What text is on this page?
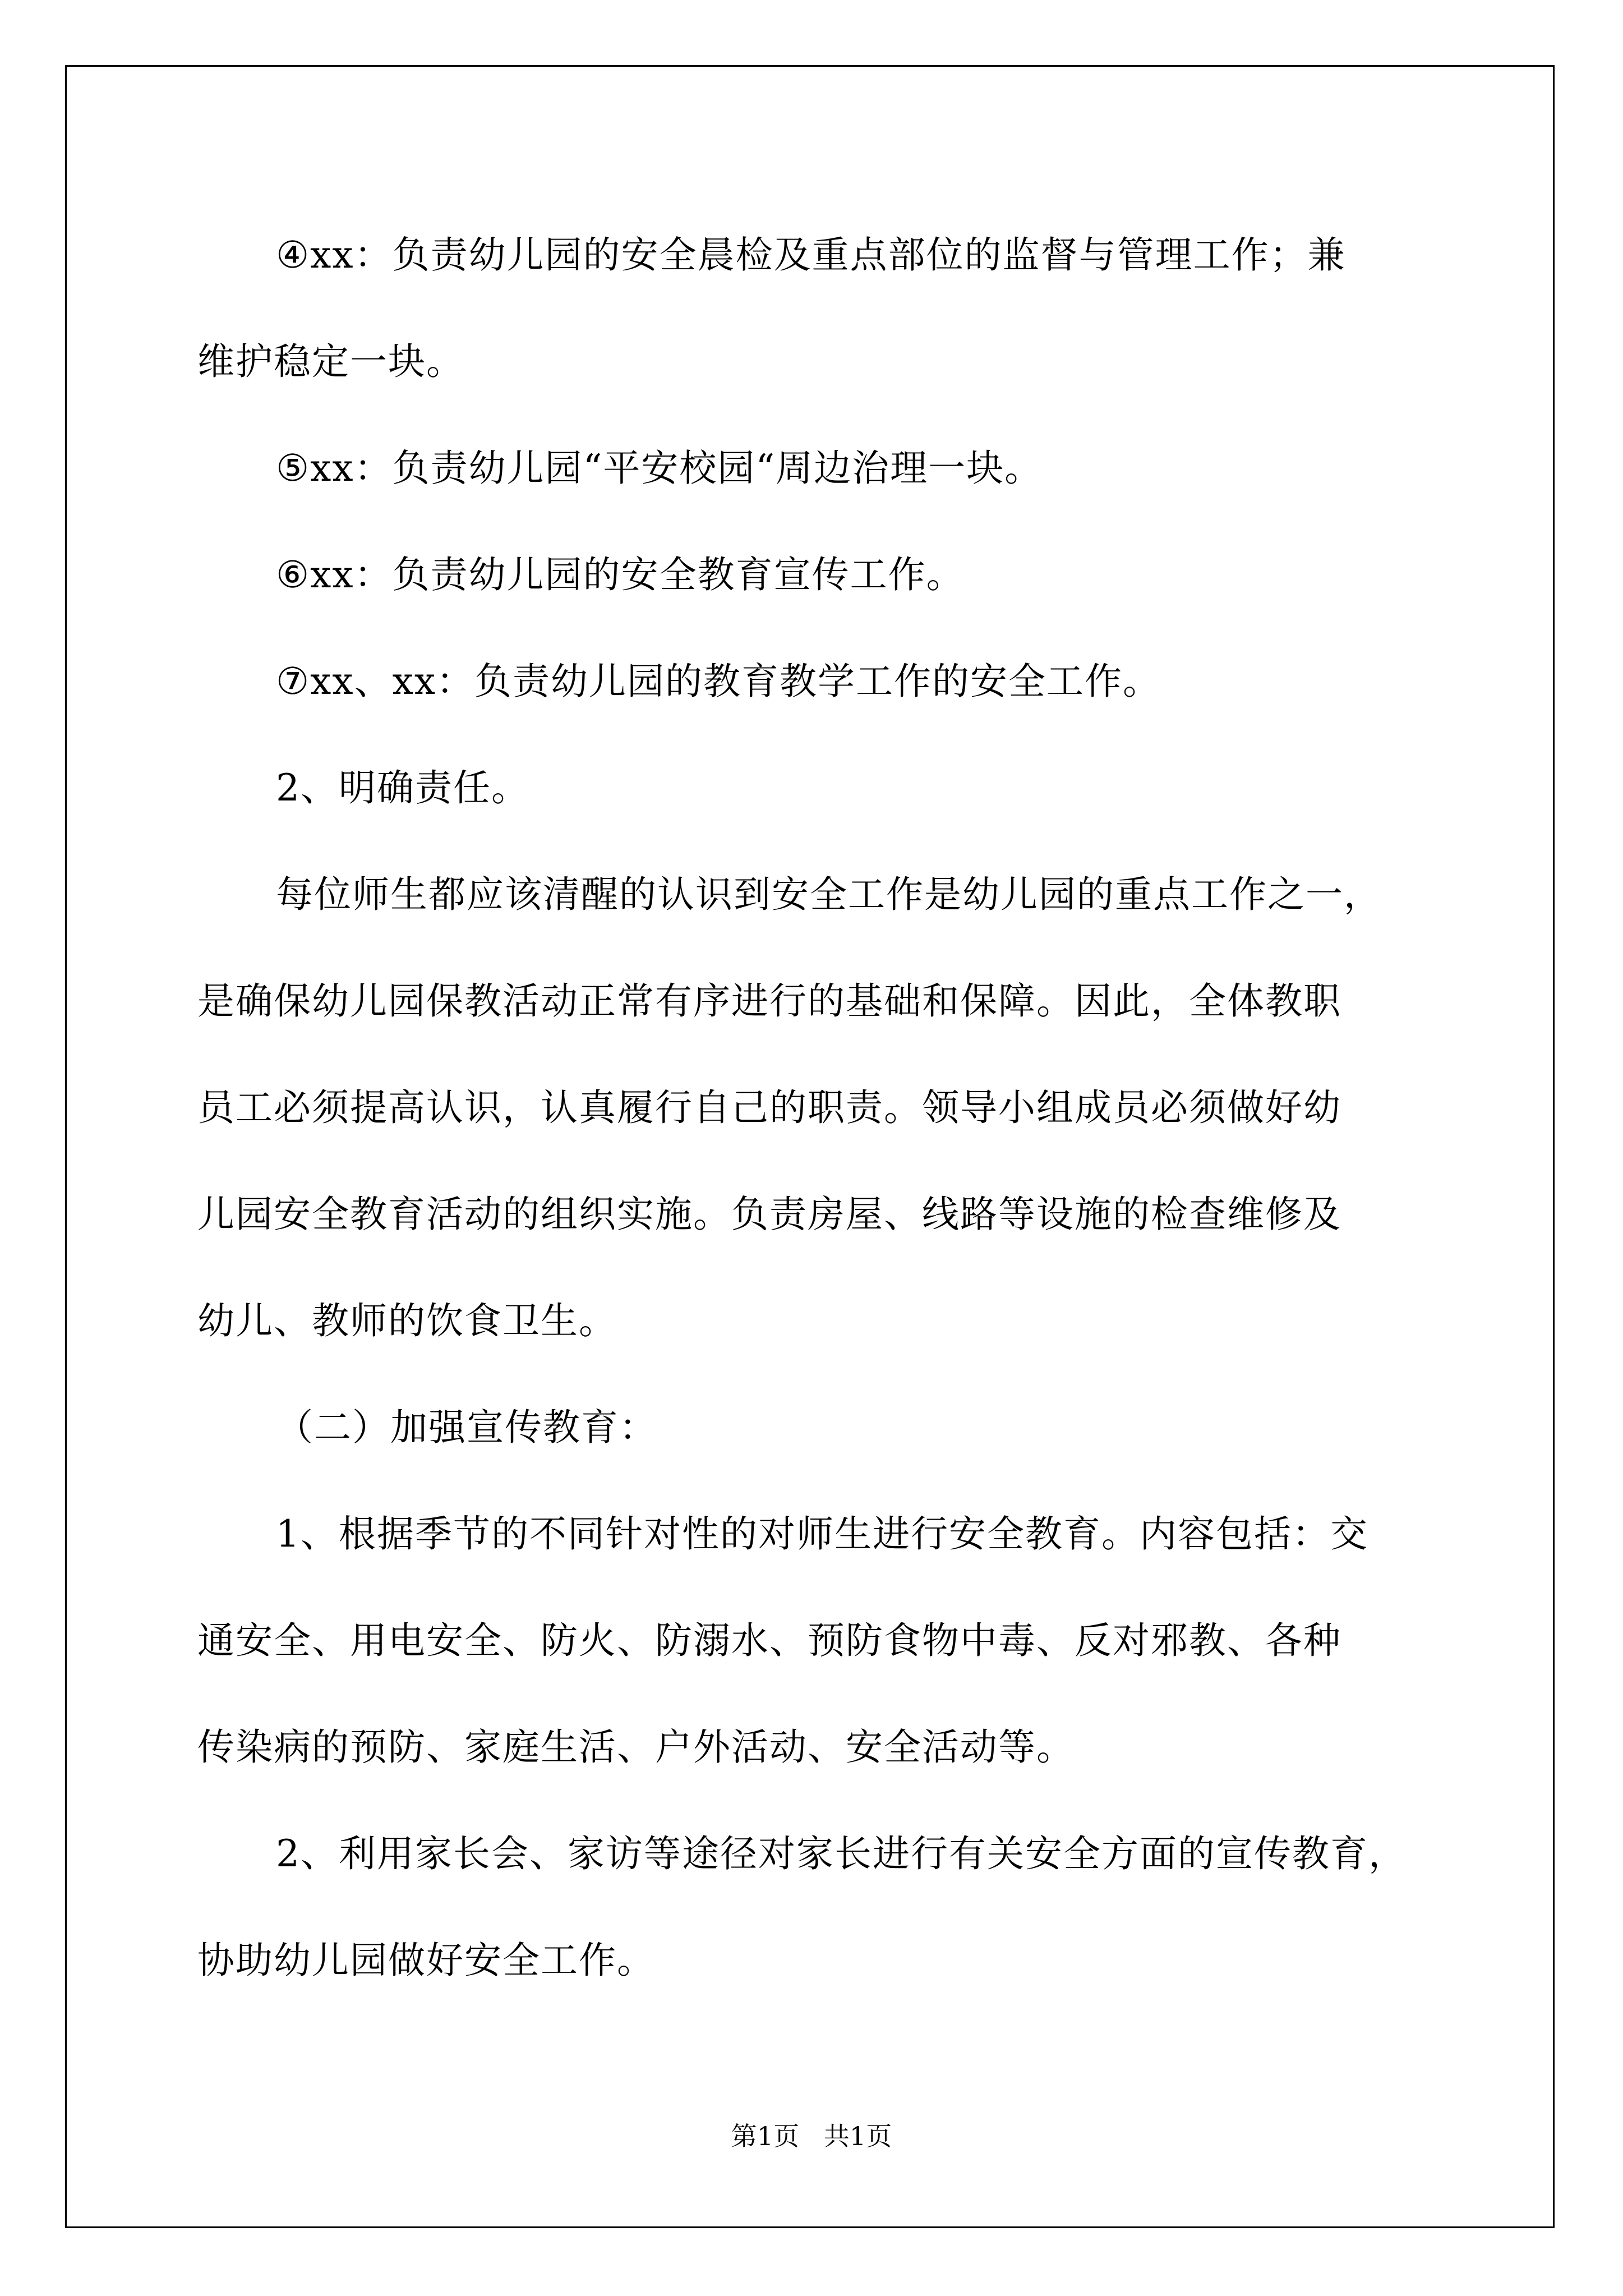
④xx：负责幼儿园的安全晨检及重点部位的监督与管理工作；兼

维护稳定一块。

⑤xx：负责幼儿园“平安校园“周边治理一块。

⑥xx：负责幼儿园的安全教育宣传工作。

⑦xx、xx：负责幼儿园的教育教学工作的安全工作。

2、明确责任。

每位师生都应该清醒的认识到安全工作是幼儿园的重点工作之一，

是确保幼儿园保教活动正常有序进行的基础和保障。因此，全体教职

员工必须提高认识，认真履行自己的职责。领导小组成员必须做好幼

儿园安全教育活动的组织实施。负责房屋、线路等设施的检查维修及

幼儿、教师的饮食卫生。

（二）加强宣传教育：

1、根据季节的不同针对性的对师生进行安全教育。内容包括：交

通安全、用电安全、防火、防溺水、预防食物中毒、反对邪教、各种

传染病的预防、家庭生活、户外活动、安全活动等。

2、利用家长会、家访等途径对家长进行有关安全方面的宣传教育，

协助幼儿园做好安全工作。

第1页   共1页
